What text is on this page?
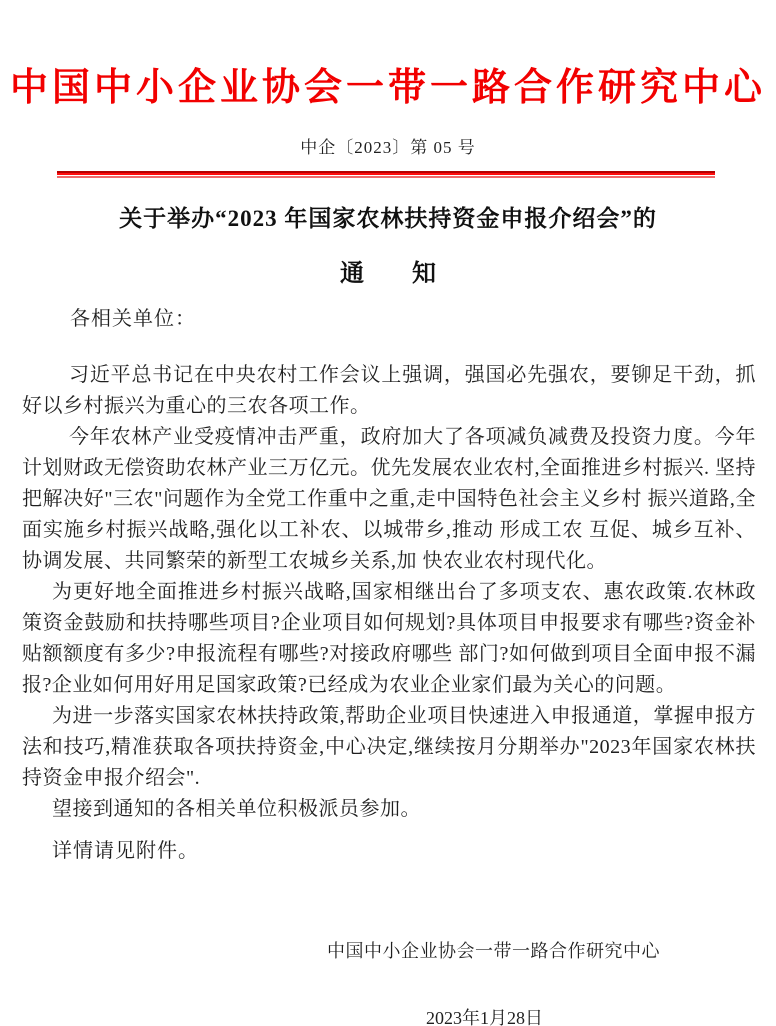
中国中小企业协会一带一路合作研究中心
中企〔2023〕第 05 号
关于举办“2023 年国家农林扶持资金申报介绍会”的
通　　知
各相关单位：

习近平总书记在中央农村工作会议上强调，强国必先强农，要铆足干劲，抓好以乡村振兴为重心的三农各项工作。

今年农林产业受疫情冲击严重，政府加大了各项减负减费及投资力度。今年计划财政无偿资助农林产业三万亿元。优先发展农业农村,全面推进乡村振兴. 坚持把解决好"三农"问题作为全党工作重中之重,走中国特色社会主义乡村 振兴道路,全面实施乡村振兴战略,强化以工补农、以城带乡,推动 形成工农 互促、城乡互补、协调发展、共同繁荣的新型工农城乡关系,加 快农业农村现代化。

为更好地全面推进乡村振兴战略,国家相继出台了多项支农、惠农政策.农林政策资金鼓励和扶持哪些项目?企业项目如何规划?具体项目申报要求有哪些?资金补贴额额度有多少?申报流程有哪些?对接政府哪些 部门?如何做到项目全面申报不漏报?企业如何用好用足国家政策?已经成为农业企业家们最为关心的问题。

为进一步落实国家农林扶持政策,帮助企业项目快速进入申报通道，掌握申报方法和技巧,精准获取各项扶持资金,中心决定,继续按月分期举办"2023年国家农林扶持资金申报介绍会".

望接到通知的各相关单位积极派员参加。

详情请见附件。

中国中小企业协会一带一路合作研究中心
2023年1月28日
